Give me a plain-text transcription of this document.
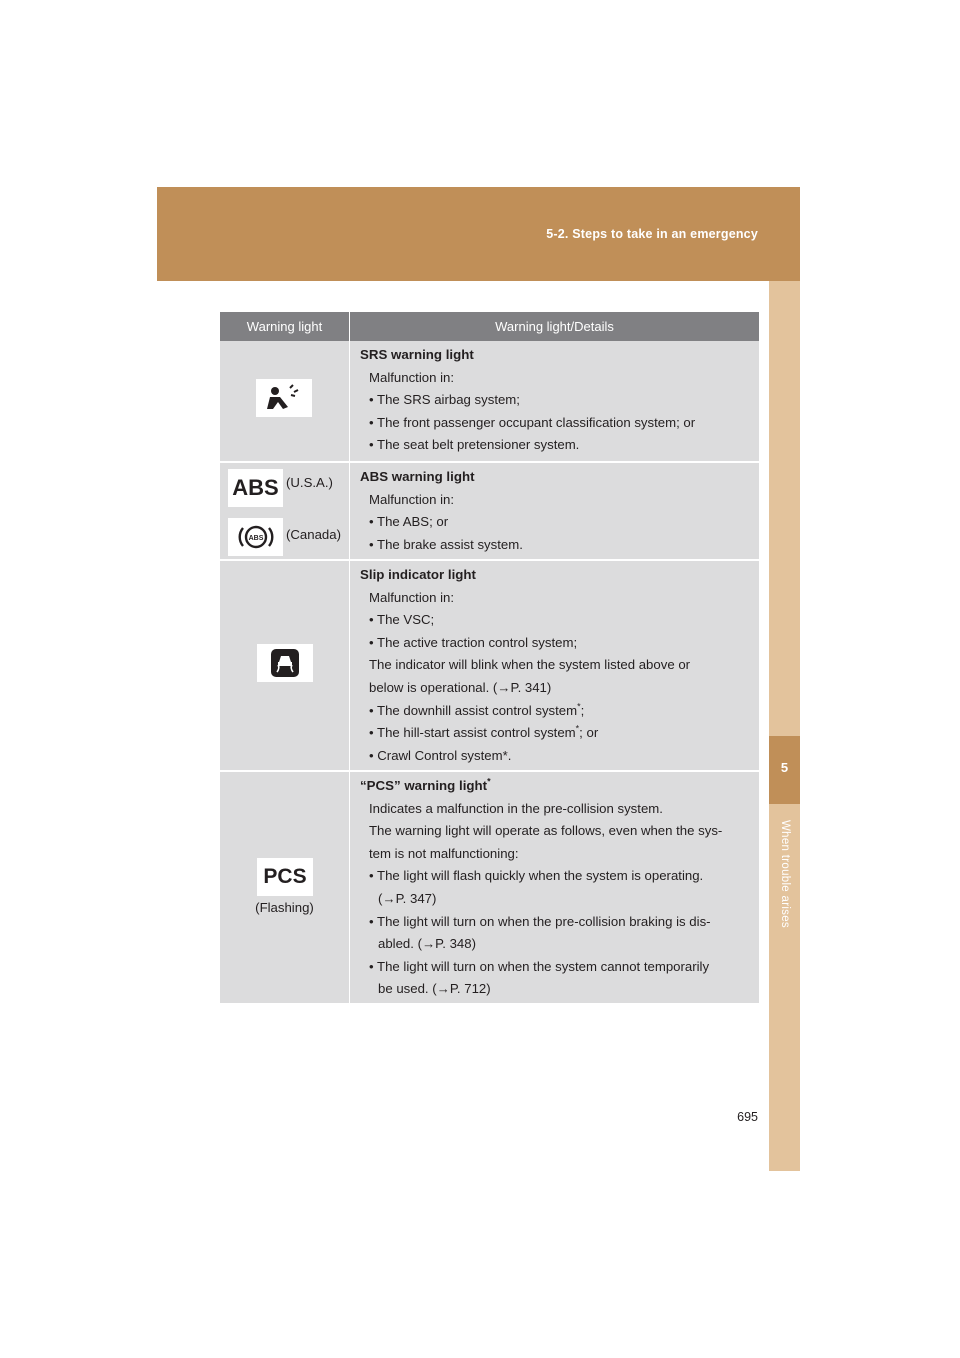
5-2. Steps to take in an emergency
5
When trouble arises
Warning light	Warning light/Details
SRS warning light
Malfunction in:
• The SRS airbag system;
• The front passenger occupant classification system; or
• The seat belt pretensioner system.
ABS (U.S.A.)
ABS (Canada)
ABS warning light
Malfunction in:
• The ABS; or
• The brake assist system.
Slip indicator light
Malfunction in:
• The VSC;
• The active traction control system;
The indicator will blink when the system listed above or
below is operational. (→P. 341)
• The downhill assist control system*;
• The hill-start assist control system*; or
• Crawl Control system*.
PCS
(Flashing)
“PCS” warning light*
Indicates a malfunction in the pre-collision system.
The warning light will operate as follows, even when the sys-
tem is not malfunctioning:
• The light will flash quickly when the system is operating.
(→P. 347)
• The light will turn on when the pre-collision braking is dis-
abled. (→P. 348)
• The light will turn on when the system cannot temporarily
be used. (→P. 712)
695
